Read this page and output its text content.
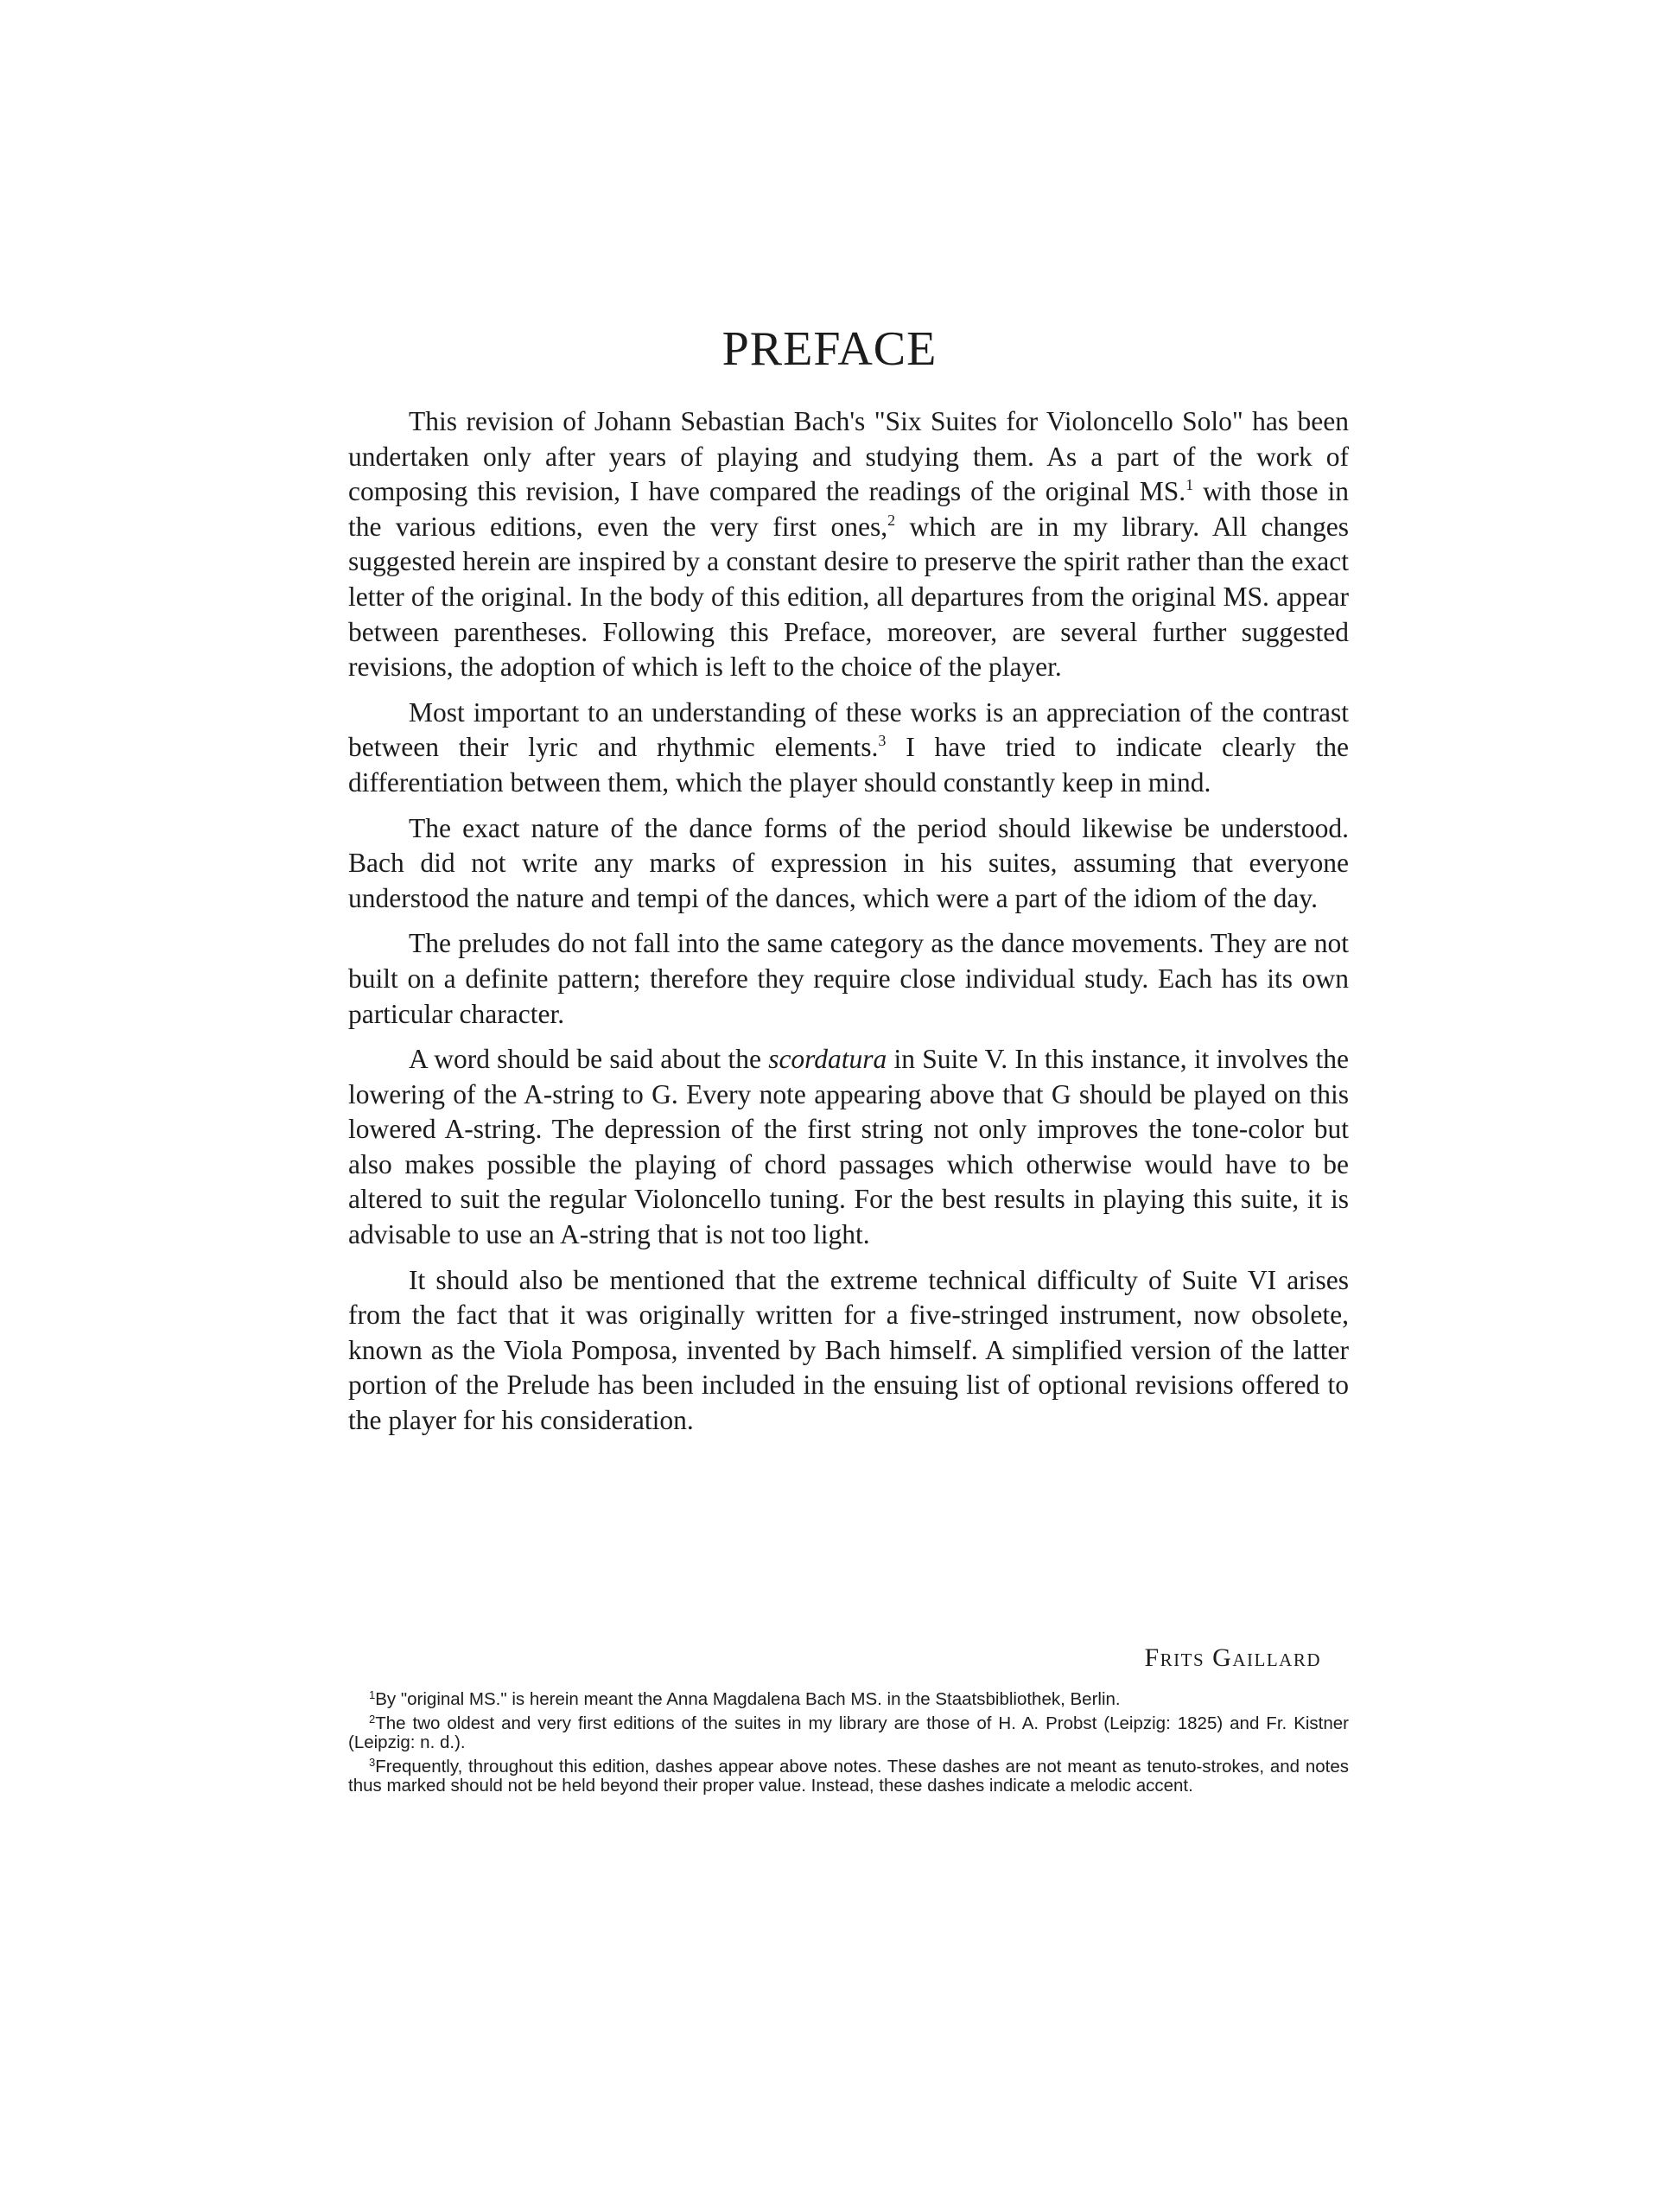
PREFACE

This revision of Johann Sebastian Bach's "Six Suites for Violoncello Solo" has been undertaken only after years of playing and studying them. As a part of the work of composing this revision, I have compared the readings of the original MS.$^1$ with those in the various editions, even the very first ones,$^2$ which are in my library. All changes suggested herein are inspired by a constant desire to preserve the spirit rather than the exact letter of the original. In the body of this edition, all departures from the original MS. appear between parentheses. Following this Preface, moreover, are several further suggested revisions, the adoption of which is left to the choice of the player.

Most important to an understanding of these works is an appreciation of the contrast between their lyric and rhythmic elements.$^3$ I have tried to indicate clearly the differentiation between them, which the player should constantly keep in mind.

The exact nature of the dance forms of the period should likewise be understood. Bach did not write any marks of expression in his suites, assuming that everyone understood the nature and tempi of the dances, which were a part of the idiom of the day.

The preludes do not fall into the same category as the dance movements. They are not built on a definite pattern; therefore they require close individual study. Each has its own particular character.

A word should be said about the scordatura in Suite V. In this instance, it involves the lowering of the A-string to G. Every note appearing above that G should be played on this lowered A-string. The depression of the first string not only improves the tone-color but also makes possible the playing of chord passages which otherwise would have to be altered to suit the regular Violoncello tuning. For the best results in playing this suite, it is advisable to use an A-string that is not too light.

It should also be mentioned that the extreme technical difficulty of Suite VI arises from the fact that it was originally written for a five-stringed instrument, now obsolete, known as the Viola Pomposa, invented by Bach himself. A simplified version of the latter portion of the Prelude has been included in the ensuing list of optional revisions offered to the player for his consideration.

Frits Gaillard

$^1$By "original MS." is herein meant the Anna Magdalena Bach MS. in the Staatsbibliothek, Berlin.

$^2$The two oldest and very first editions of the suites in my library are those of H. A. Probst (Leipzig: 1825) and Fr. Kistner (Leipzig: n. d.).

$^3$Frequently, throughout this edition, dashes appear above notes. These dashes are not meant as tenuto-strokes, and notes thus marked should not be held beyond their proper value. Instead, these dashes indicate a melodic accent.
